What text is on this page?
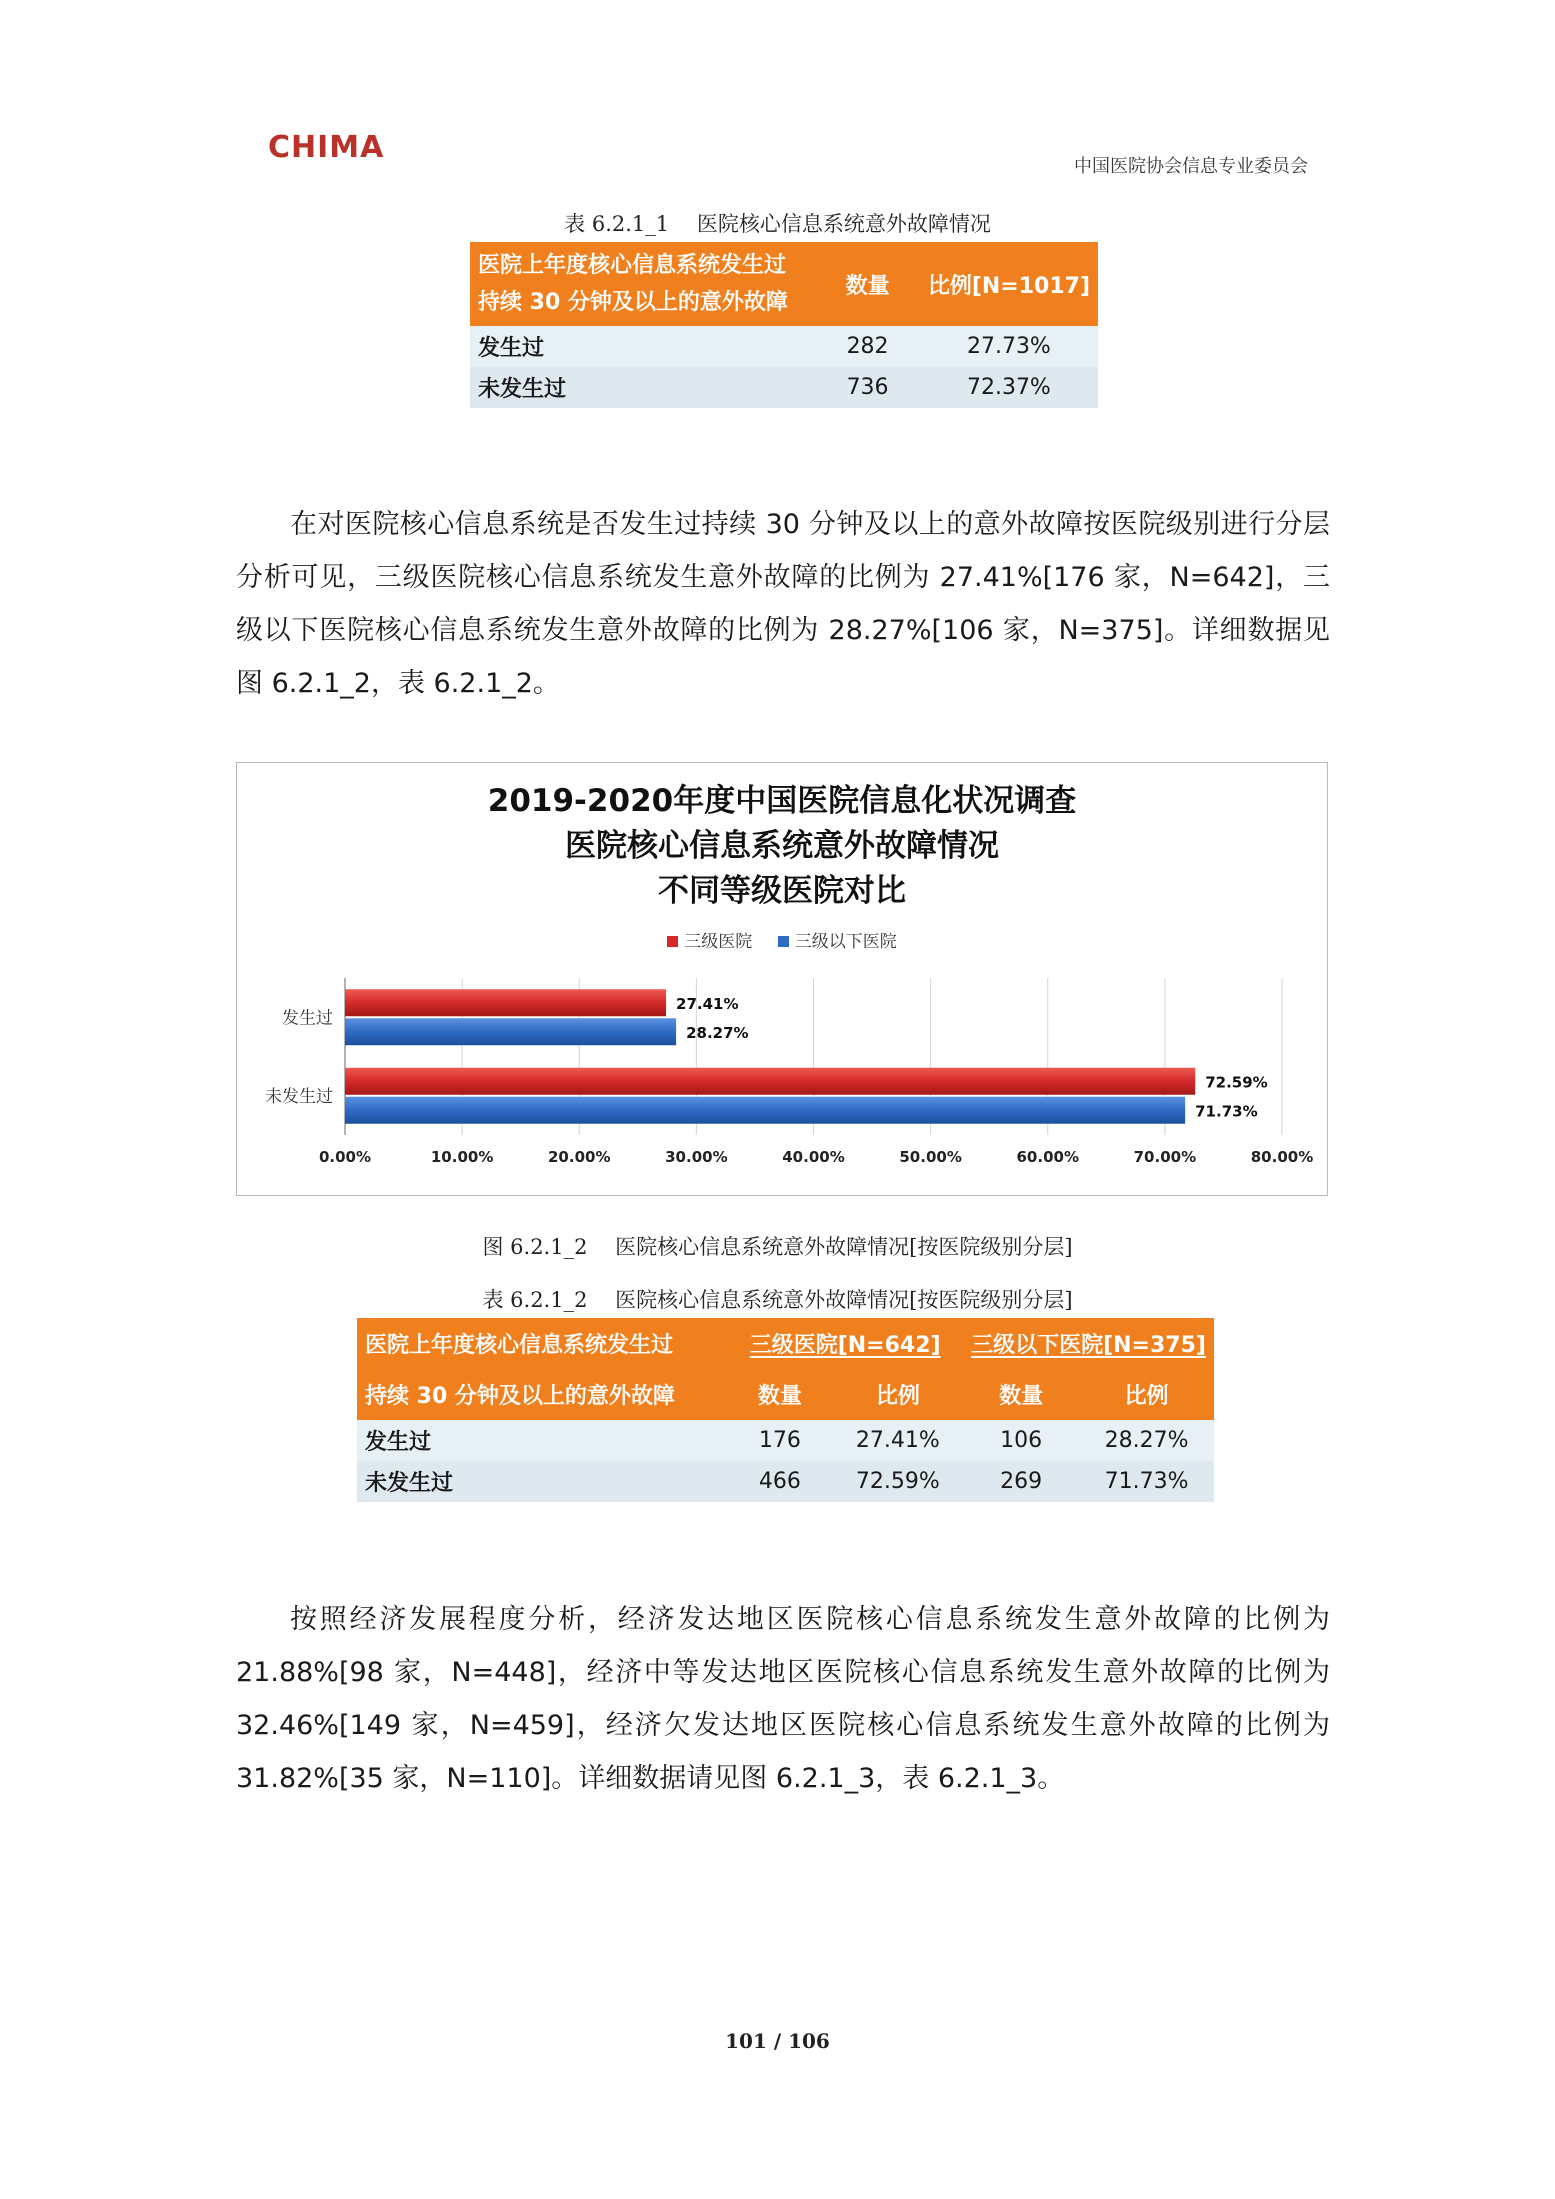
CHIMA
中国医院协会信息专业委员会
表 6.2.1_1　 医院核心信息系统意外故障情况
医院上年度核心信息系统发生过
持续 30 分钟及以上的意外故障	数量	比例[N=1017]
发生过	282	27.73%
未发生过	736	72.37%
在对医院核心信息系统是否发生过持续 30 分钟及以上的意外故障按医院级别进行分层分析可见，三级医院核心信息系统发生意外故障的比例为 27.41%[176 家，N=642]，三级以下医院核心信息系统发生意外故障的比例为 28.27%[106 家，N=375]。详细数据见图 6.2.1_2，表 6.2.1_2。
2019-2020年度中国医院信息化状况调查
医院核心信息系统意外故障情况
不同等级医院对比
三级医院 三级以下医院
0.00%	10.00%	20.00%	30.00%	40.00%	50.00%	60.00%	70.00%	80.00%
发生过
27.41%
28.27%
未发生过
72.59%
71.73%
图 6.2.1_2　 医院核心信息系统意外故障情况[按医院级别分层]
表 6.2.1_2　 医院核心信息系统意外故障情况[按医院级别分层]
医院上年度核心信息系统发生过	三级医院[N=642]		三级以下医院[N=375]	
持续 30 分钟及以上的意外故障	数量	比例	数量	比例
发生过	176	27.41%	106	28.27%
未发生过	466	72.59%	269	71.73%
按照经济发展程度分析，经济发达地区医院核心信息系统发生意外故障的比例为 21.88%[98 家，N=448]，经济中等发达地区医院核心信息系统发生意外故障的比例为 32.46%[149 家，N=459]，经济欠发达地区医院核心信息系统发生意外故障的比例为 31.82%[35 家，N=110]。详细数据请见图 6.2.1_3，表 6.2.1_3。
101 / 106
